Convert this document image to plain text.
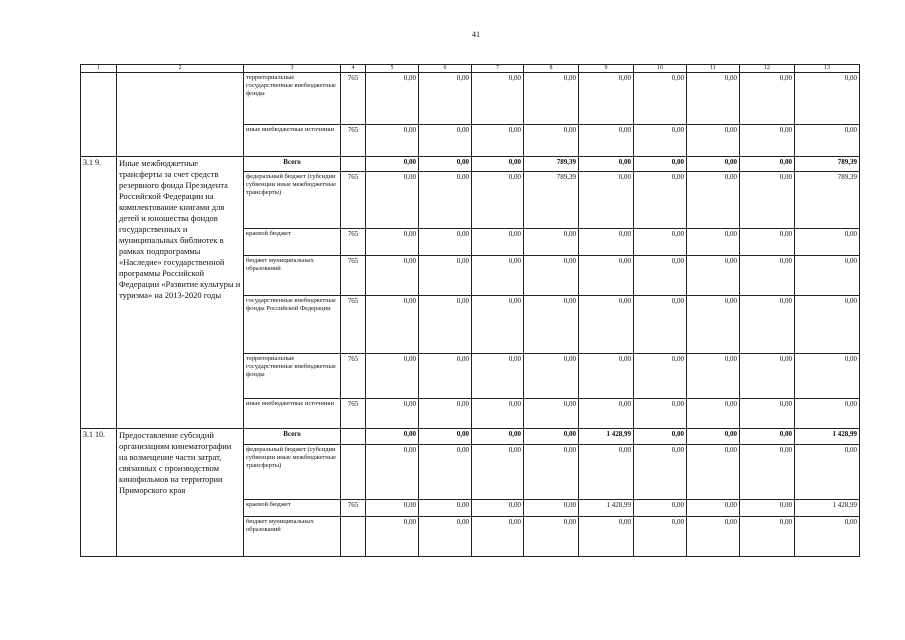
41
1	2	3	4	5	6	7	8	9	10	11	12	13
		территориальные государственные внебюджетные фонды	765	0,00	0,00	0,00	0,00	0,00	0,00	0,00	0,00	0,00
		иные внебюджетные источники	765	0,00	0,00	0,00	0,00	0,00	0,00	0,00	0,00	0,00
3.1 9.	Иные межбюджетные трансферты за счет средств резервного фонда Президента Российской Федерации на комплектование книгами для детей и юношества фондов государственных и муниципальных библиотек в рамках подпрограммы «Наследие» государственной программы Российской Федерации «Развитие культуры и туризма» на 2013-2020 годы	Всего		0,00	0,00	0,00	789,39	0,00	0,00	0,00	0,00	789,39
		федеральный бюджет (субсидии субвенции иные межбюджетные трансферты)	765	0,00	0,00	0,00	789,39	0,00	0,00	0,00	0,00	789,39
		краевой бюджет	765	0,00	0,00	0,00	0,00	0,00	0,00	0,00	0,00	0,00
		бюджет муниципальных образований	765	0,00	0,00	0,00	0,00	0,00	0,00	0,00	0,00	0,00
		государственные внебюджетные фонды Российской Федерации	765	0,00	0,00	0,00	0,00	0,00	0,00	0,00	0,00	0,00
		территориальные государственные внебюджетные фонды	765	0,00	0,00	0,00	0,00	0,00	0,00	0,00	0,00	0,00
		иные внебюджетные источники	765	0,00	0,00	0,00	0,00	0,00	0,00	0,00	0,00	0,00
3.1 10.	Предоставление субсидий организациям кинематографии на возмещение части затрат, связанных с производством кинофильмов на территории Приморского края	Всего		0,00	0,00	0,00	0,00	1 428,99	0,00	0,00	0,00	1 428,99
		федеральный бюджет (субсидии субвенции иные межбюджетные трансферты)		0,00	0,00	0,00	0,00	0,00	0,00	0,00	0,00	0,00
		краевой бюджет	765	0,00	0,00	0,00	0,00	1 428,99	0,00	0,00	0,00	1 428,99
		бюджет муниципальных образований		0,00	0,00	0,00	0,00	0,00	0,00	0,00	0,00	0,00
